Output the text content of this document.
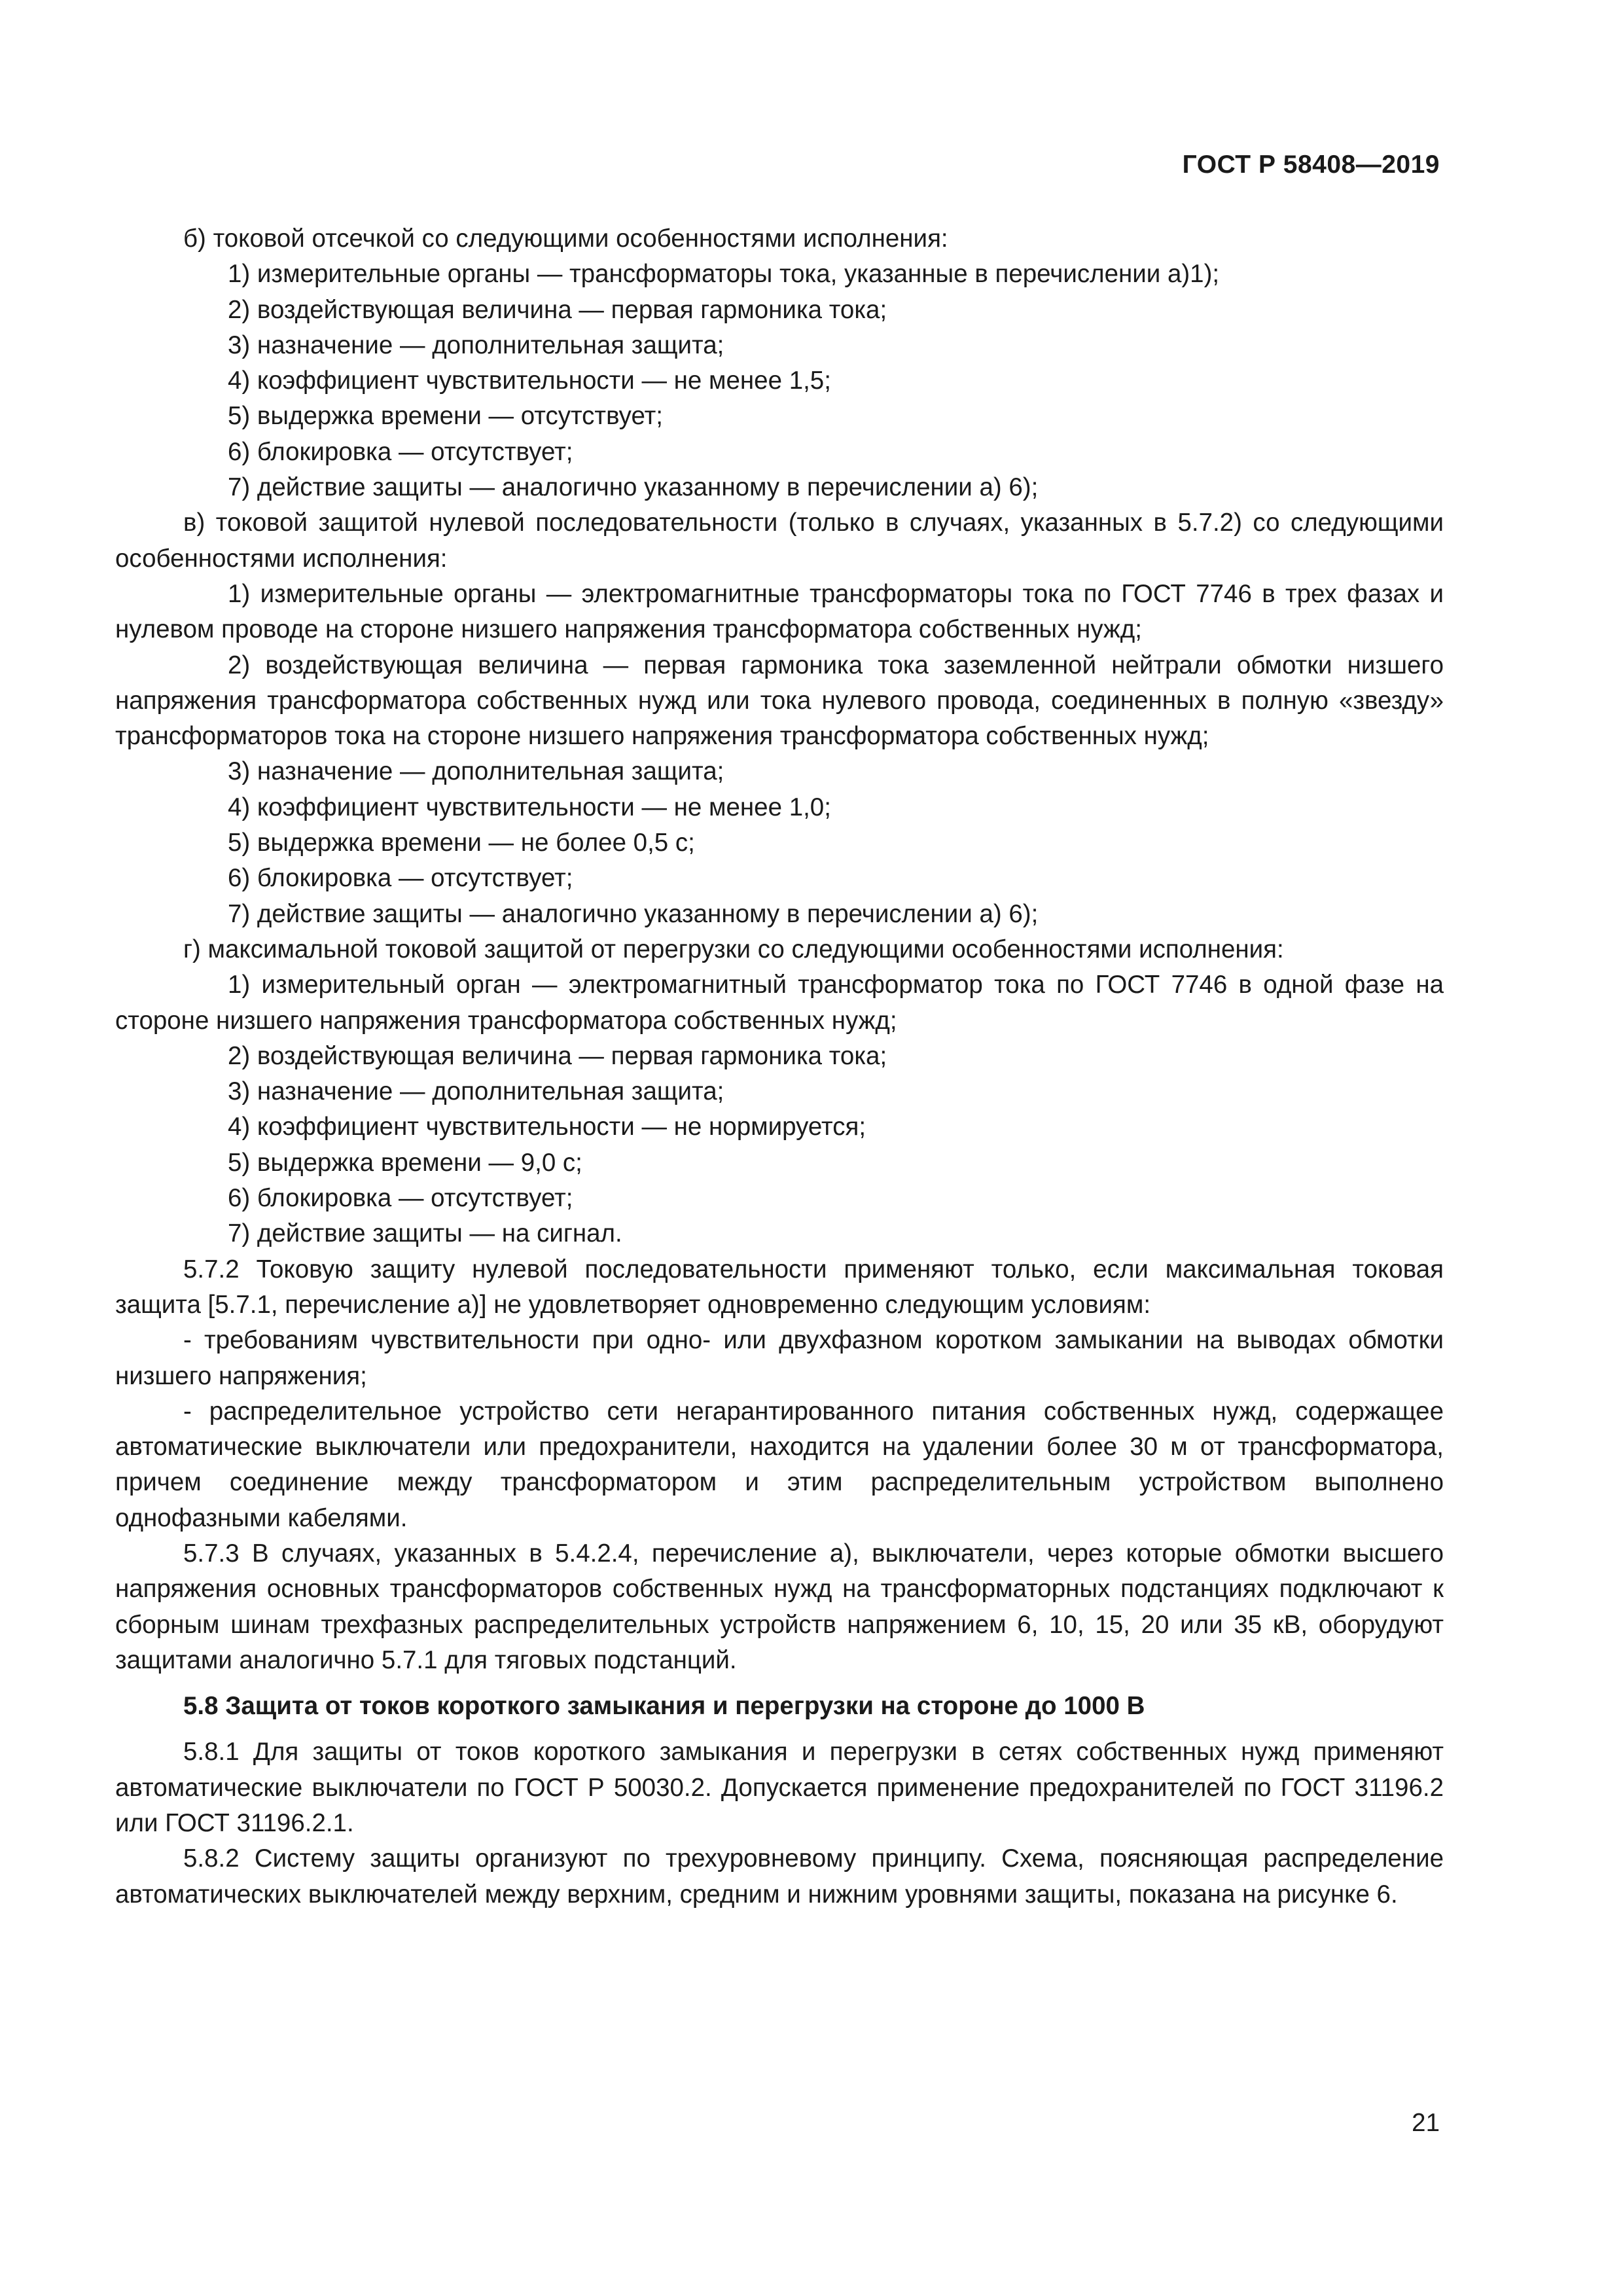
ГОСТ Р 58408—2019

б) токовой отсечкой со следующими особенностями исполнения:

1) измерительные органы — трансформаторы тока, указанные в перечислении а)1);

2) воздействующая величина — первая гармоника тока;

3) назначение — дополнительная защита;

4) коэффициент чувствительности — не менее 1,5;

5) выдержка времени — отсутствует;

6) блокировка — отсутствует;

7) действие защиты — аналогично указанному в перечислении а) 6);

в) токовой защитой нулевой последовательности (только в случаях, указанных в 5.7.2) со следующими особенностями исполнения:

1) измерительные органы — электромагнитные трансформаторы тока по ГОСТ 7746 в трех фазах и нулевом проводе на стороне низшего напряжения трансформатора собственных нужд;

2) воздействующая величина — первая гармоника тока заземленной нейтрали обмотки низшего напряжения трансформатора собственных нужд или тока нулевого провода, соединенных в полную «звезду» трансформаторов тока на стороне низшего напряжения трансформатора собственных нужд;

3) назначение — дополнительная защита;

4) коэффициент чувствительности — не менее 1,0;

5) выдержка времени — не более 0,5 с;

6) блокировка — отсутствует;

7) действие защиты — аналогично указанному в перечислении а) 6);

г) максимальной токовой защитой от перегрузки со следующими особенностями исполнения:

1) измерительный орган — электромагнитный трансформатор тока по ГОСТ 7746 в одной фазе на стороне низшего напряжения трансформатора собственных нужд;

2) воздействующая величина — первая гармоника тока;

3) назначение — дополнительная защита;

4) коэффициент чувствительности — не нормируется;

5) выдержка времени — 9,0 с;

6) блокировка — отсутствует;

7) действие защиты — на сигнал.

5.7.2 Токовую защиту нулевой последовательности применяют только, если максимальная токовая защита [5.7.1, перечисление а)] не удовлетворяет одновременно следующим условиям:

- требованиям чувствительности при одно- или двухфазном коротком замыкании на выводах обмотки низшего напряжения;

- распределительное устройство сети негарантированного питания собственных нужд, содержащее автоматические выключатели или предохранители, находится на удалении более 30 м от трансформатора, причем соединение между трансформатором и этим распределительным устройством выполнено однофазными кабелями.

5.7.3 В случаях, указанных в 5.4.2.4, перечисление а), выключатели, через которые обмотки высшего напряжения основных трансформаторов собственных нужд на трансформаторных подстанциях подключают к сборным шинам трехфазных распределительных устройств напряжением 6, 10, 15, 20 или 35 кВ, оборудуют защитами аналогично 5.7.1 для тяговых подстанций.

5.8 Защита от токов короткого замыкания и перегрузки на стороне до 1000 В

5.8.1 Для защиты от токов короткого замыкания и перегрузки в сетях собственных нужд применяют автоматические выключатели по ГОСТ Р 50030.2. Допускается применение предохранителей по ГОСТ 31196.2 или ГОСТ 31196.2.1.

5.8.2 Систему защиты организуют по трехуровневому принципу. Схема, поясняющая распределение автоматических выключателей между верхним, средним и нижним уровнями защиты, показана на рисунке 6.

21
